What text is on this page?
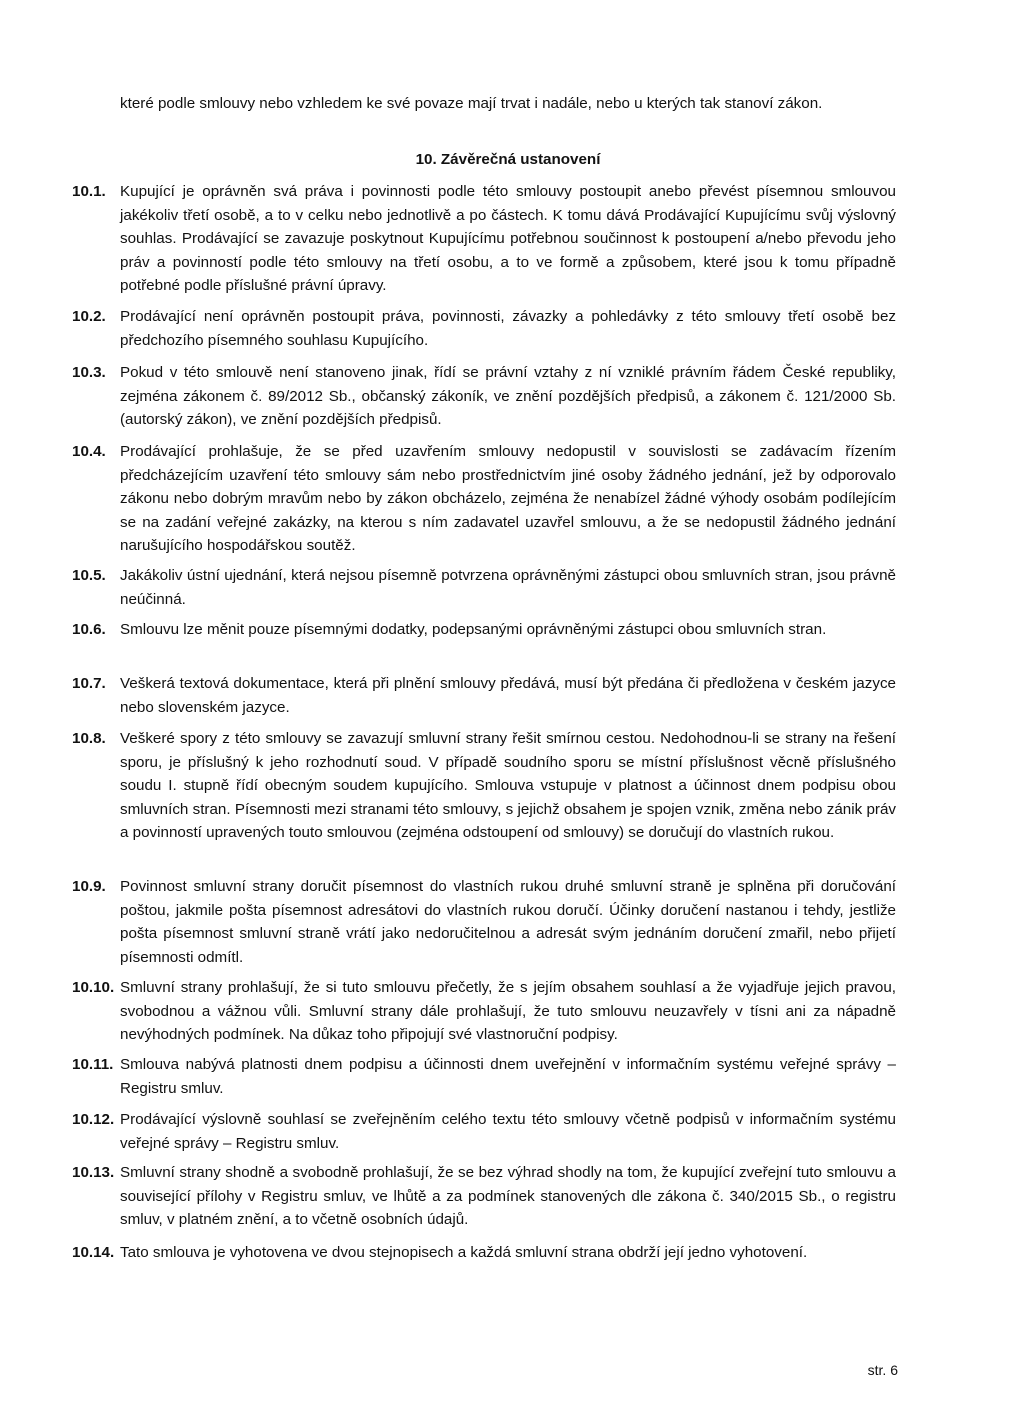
které podle smlouvy nebo vzhledem ke své povaze mají trvat i nadále, nebo u kterých tak stanoví zákon.

10. Závěrečná ustanovení
10.1. Kupující je oprávněn svá práva i povinnosti podle této smlouvy postoupit anebo převést písemnou smlouvou jakékoliv třetí osobě, a to v celku nebo jednotlivě a po částech. K tomu dává Prodávající Kupujícímu svůj výslovný souhlas. Prodávající se zavazuje poskytnout Kupujícímu potřebnou součinnost k postoupení a/nebo převodu jeho práv a povinností podle této smlouvy na třetí osobu, a to ve formě a způsobem, které jsou k tomu případně potřebné podle příslušné právní úpravy.
10.2. Prodávající není oprávněn postoupit práva, povinnosti, závazky a pohledávky z této smlouvy třetí osobě bez předchozího písemného souhlasu Kupujícího.
10.3. Pokud v této smlouvě není stanoveno jinak, řídí se právní vztahy z ní vzniklé právním řádem České republiky, zejména zákonem č. 89/2012 Sb., občanský zákoník, ve znění pozdějších předpisů, a zákonem č. 121/2000 Sb. (autorský zákon), ve znění pozdějších předpisů.
10.4. Prodávající prohlašuje, že se před uzavřením smlouvy nedopustil v souvislosti se zadávacím řízením předcházejícím uzavření této smlouvy sám nebo prostřednictvím jiné osoby žádného jednání, jež by odporovalo zákonu nebo dobrým mravům nebo by zákon obcházelo, zejména že nenabízel žádné výhody osobám podílejícím se na zadání veřejné zakázky, na kterou s ním zadavatel uzavřel smlouvu, a že se nedopustil žádného jednání narušujícího hospodářskou soutěž.
10.5. Jakákoliv ústní ujednání, která nejsou písemně potvrzena oprávněnými zástupci obou smluvních stran, jsou právně neúčinná.
10.6. Smlouvu lze měnit pouze písemnými dodatky, podepsanými oprávněnými zástupci obou smluvních stran.
10.7. Veškerá textová dokumentace, která při plnění smlouvy předává, musí být předána či předložena v českém jazyce nebo slovenském jazyce.
10.8. Veškeré spory z této smlouvy se zavazují smluvní strany řešit smírnou cestou. Nedohodnou-li se strany na řešení sporu, je příslušný k jeho rozhodnutí soud. V případě soudního sporu se místní příslušnost věcně příslušného soudu I. stupně řídí obecným soudem kupujícího. Smlouva vstupuje v platnost a účinnost dnem podpisu obou smluvních stran. Písemnosti mezi stranami této smlouvy, s jejichž obsahem je spojen vznik, změna nebo zánik práv a povinností upravených touto smlouvou (zejména odstoupení od smlouvy) se doručují do vlastních rukou.
10.9. Povinnost smluvní strany doručit písemnost do vlastních rukou druhé smluvní straně je splněna při doručování poštou, jakmile pošta písemnost adresátovi do vlastních rukou doručí. Účinky doručení nastanou i tehdy, jestliže pošta písemnost smluvní straně vrátí jako nedoručitelnou a adresát svým jednáním doručení zmařil, nebo přijetí písemnosti odmítl.
10.10. Smluvní strany prohlašují, že si tuto smlouvu přečetly, že s jejím obsahem souhlasí a že vyjadřuje jejich pravou, svobodnou a vážnou vůli. Smluvní strany dále prohlašují, že tuto smlouvu neuzavřely v tísni ani za nápadně nevýhodných podmínek. Na důkaz toho připojují své vlastnoruční podpisy.
10.11. Smlouva nabývá platnosti dnem podpisu a účinnosti dnem uveřejnění v informačním systému veřejné správy – Registru smluv.
10.12. Prodávající výslovně souhlasí se zveřejněním celého textu této smlouvy včetně podpisů v informačním systému veřejné správy – Registru smluv.
10.13. Smluvní strany shodně a svobodně prohlašují, že se bez výhrad shodly na tom, že kupující zveřejní tuto smlouvu a související přílohy v Registru smluv, ve lhůtě a za podmínek stanovených dle zákona č. 340/2015 Sb., o registru smluv, v platném znění, a to včetně osobních údajů.
10.14. Tato smlouva je vyhotovena ve dvou stejnopisech a každá smluvní strana obdrží její jedno vyhotovení.
str. 6
